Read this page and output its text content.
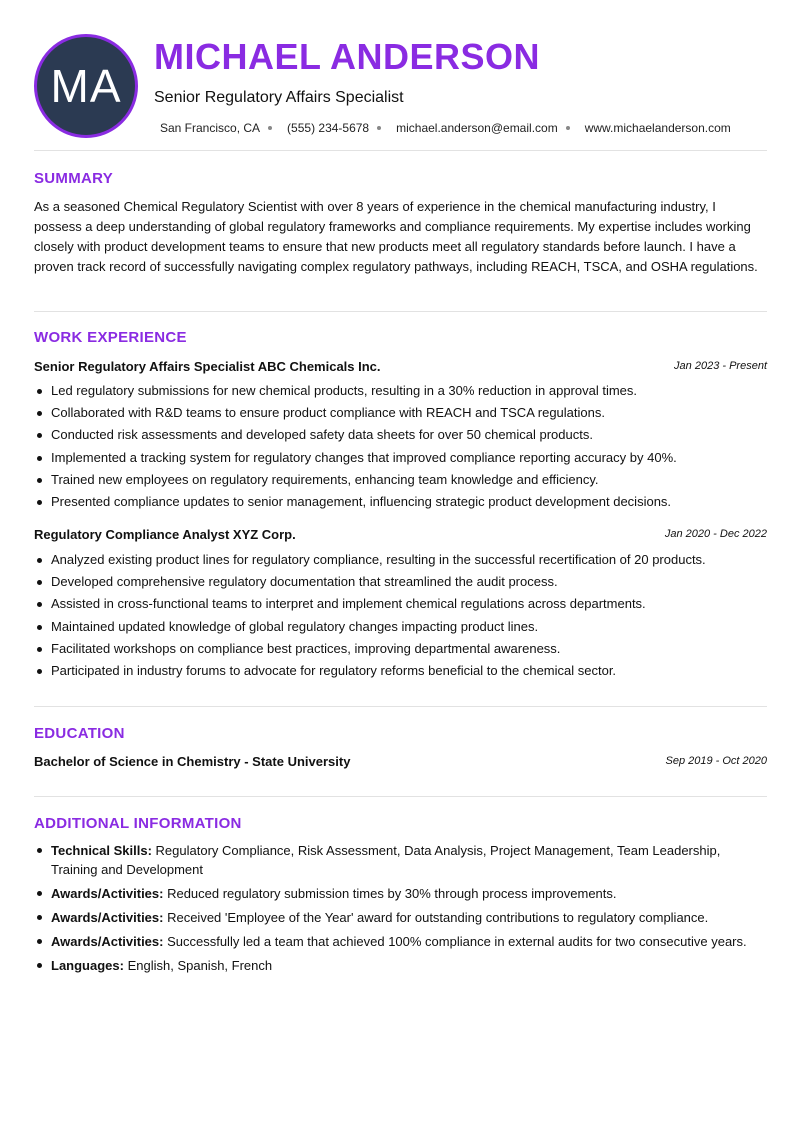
MA
MICHAEL ANDERSON
Senior Regulatory Affairs Specialist
San Francisco, CA (555) 234-5678 michael.anderson@email.com www.michaelanderson.com
SUMMARY
As a seasoned Chemical Regulatory Scientist with over 8 years of experience in the chemical manufacturing industry, I possess a deep understanding of global regulatory frameworks and compliance requirements. My expertise includes working closely with product development teams to ensure that new products meet all regulatory standards before launch. I have a proven track record of successfully navigating complex regulatory pathways, including REACH, TSCA, and OSHA regulations.
WORK EXPERIENCE
Senior Regulatory Affairs Specialist ABC Chemicals Inc.	Jan 2023 - Present
Led regulatory submissions for new chemical products, resulting in a 30% reduction in approval times.
Collaborated with R&D teams to ensure product compliance with REACH and TSCA regulations.
Conducted risk assessments and developed safety data sheets for over 50 chemical products.
Implemented a tracking system for regulatory changes that improved compliance reporting accuracy by 40%.
Trained new employees on regulatory requirements, enhancing team knowledge and efficiency.
Presented compliance updates to senior management, influencing strategic product development decisions.
Regulatory Compliance Analyst XYZ Corp.	Jan 2020 - Dec 2022
Analyzed existing product lines for regulatory compliance, resulting in the successful recertification of 20 products.
Developed comprehensive regulatory documentation that streamlined the audit process.
Assisted in cross-functional teams to interpret and implement chemical regulations across departments.
Maintained updated knowledge of global regulatory changes impacting product lines.
Facilitated workshops on compliance best practices, improving departmental awareness.
Participated in industry forums to advocate for regulatory reforms beneficial to the chemical sector.
EDUCATION
Bachelor of Science in Chemistry - State University	Sep 2019 - Oct 2020
ADDITIONAL INFORMATION
Technical Skills: Regulatory Compliance, Risk Assessment, Data Analysis, Project Management, Team Leadership, Training and Development
Awards/Activities: Reduced regulatory submission times by 30% through process improvements.
Awards/Activities: Received 'Employee of the Year' award for outstanding contributions to regulatory compliance.
Awards/Activities: Successfully led a team that achieved 100% compliance in external audits for two consecutive years.
Languages: English, Spanish, French
